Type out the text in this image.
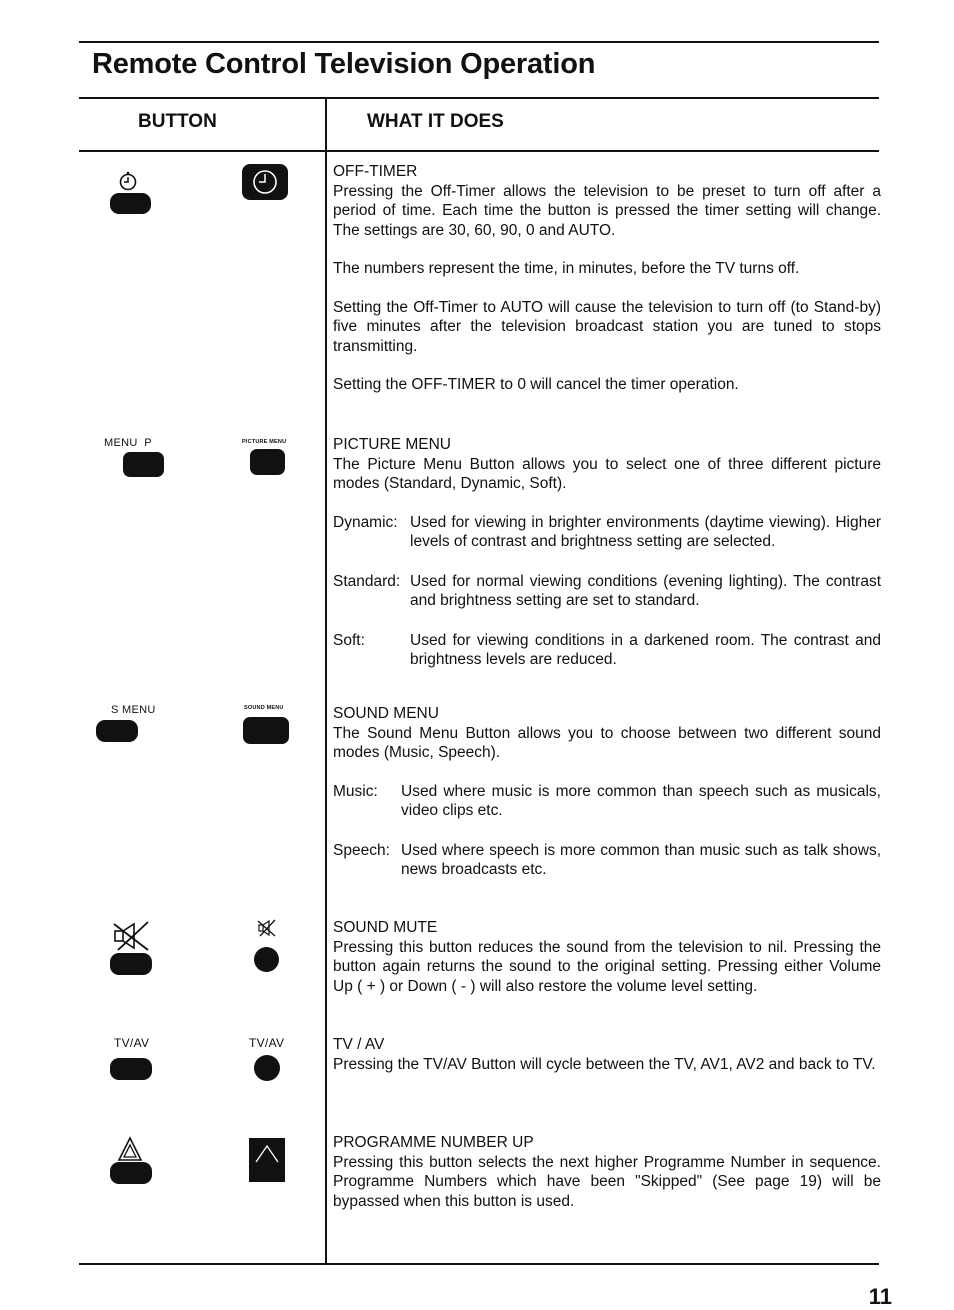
Remote Control Television Operation
BUTTON	WHAT IT DOES
OFF-TIMER

Pressing the Off-Timer allows the television to be preset to turn off after a period of time. Each time the button is pressed the timer setting will change. The settings are 30, 60, 90, 0 and AUTO.

The numbers represent the time, in minutes, before the TV turns off.

Setting the Off-Timer to AUTO will cause the television to turn off (to Stand-by) five minutes after the television broadcast station you are tuned to stops transmitting.

Setting the OFF-TIMER to 0 will cancel the timer operation.

MENU  P	PICTURE MENU	PICTURE MENU

The Picture Menu Button allows you to select one of three different picture modes (Standard, Dynamic, Soft).

Dynamic: Used for viewing in brighter environments (daytime viewing). Higher levels of contrast and brightness setting are selected.
Standard: Used for normal viewing conditions (evening lighting). The contrast and brightness setting are set to standard.
Soft:	Used for viewing conditions in a darkened room. The contrast and brightness levels are reduced.
S MENU	SOUND MENU	SOUND MENU

The Sound Menu Button allows you to choose between two different sound modes (Music, Speech).

Music:	Used where music is more common than speech such as musicals, video clips etc.
Speech: Used where speech is more common than music such as talk shows, news broadcasts etc.
SOUND MUTE

Pressing this button reduces the sound from the television to nil. Pressing the button again returns the sound to the original setting. Pressing either Volume Up ( + ) or Down ( - ) will also restore the volume level setting.

TV/AV	TV/AV	TV / AV

Pressing the TV/AV Button will cycle between the TV, AV1, AV2 and back to TV.

PROGRAMME NUMBER UP

Pressing this button selects the next higher Programme Number in sequence. Programme Numbers which have been "Skipped" (See page 19) will be bypassed when this button is used.

11
